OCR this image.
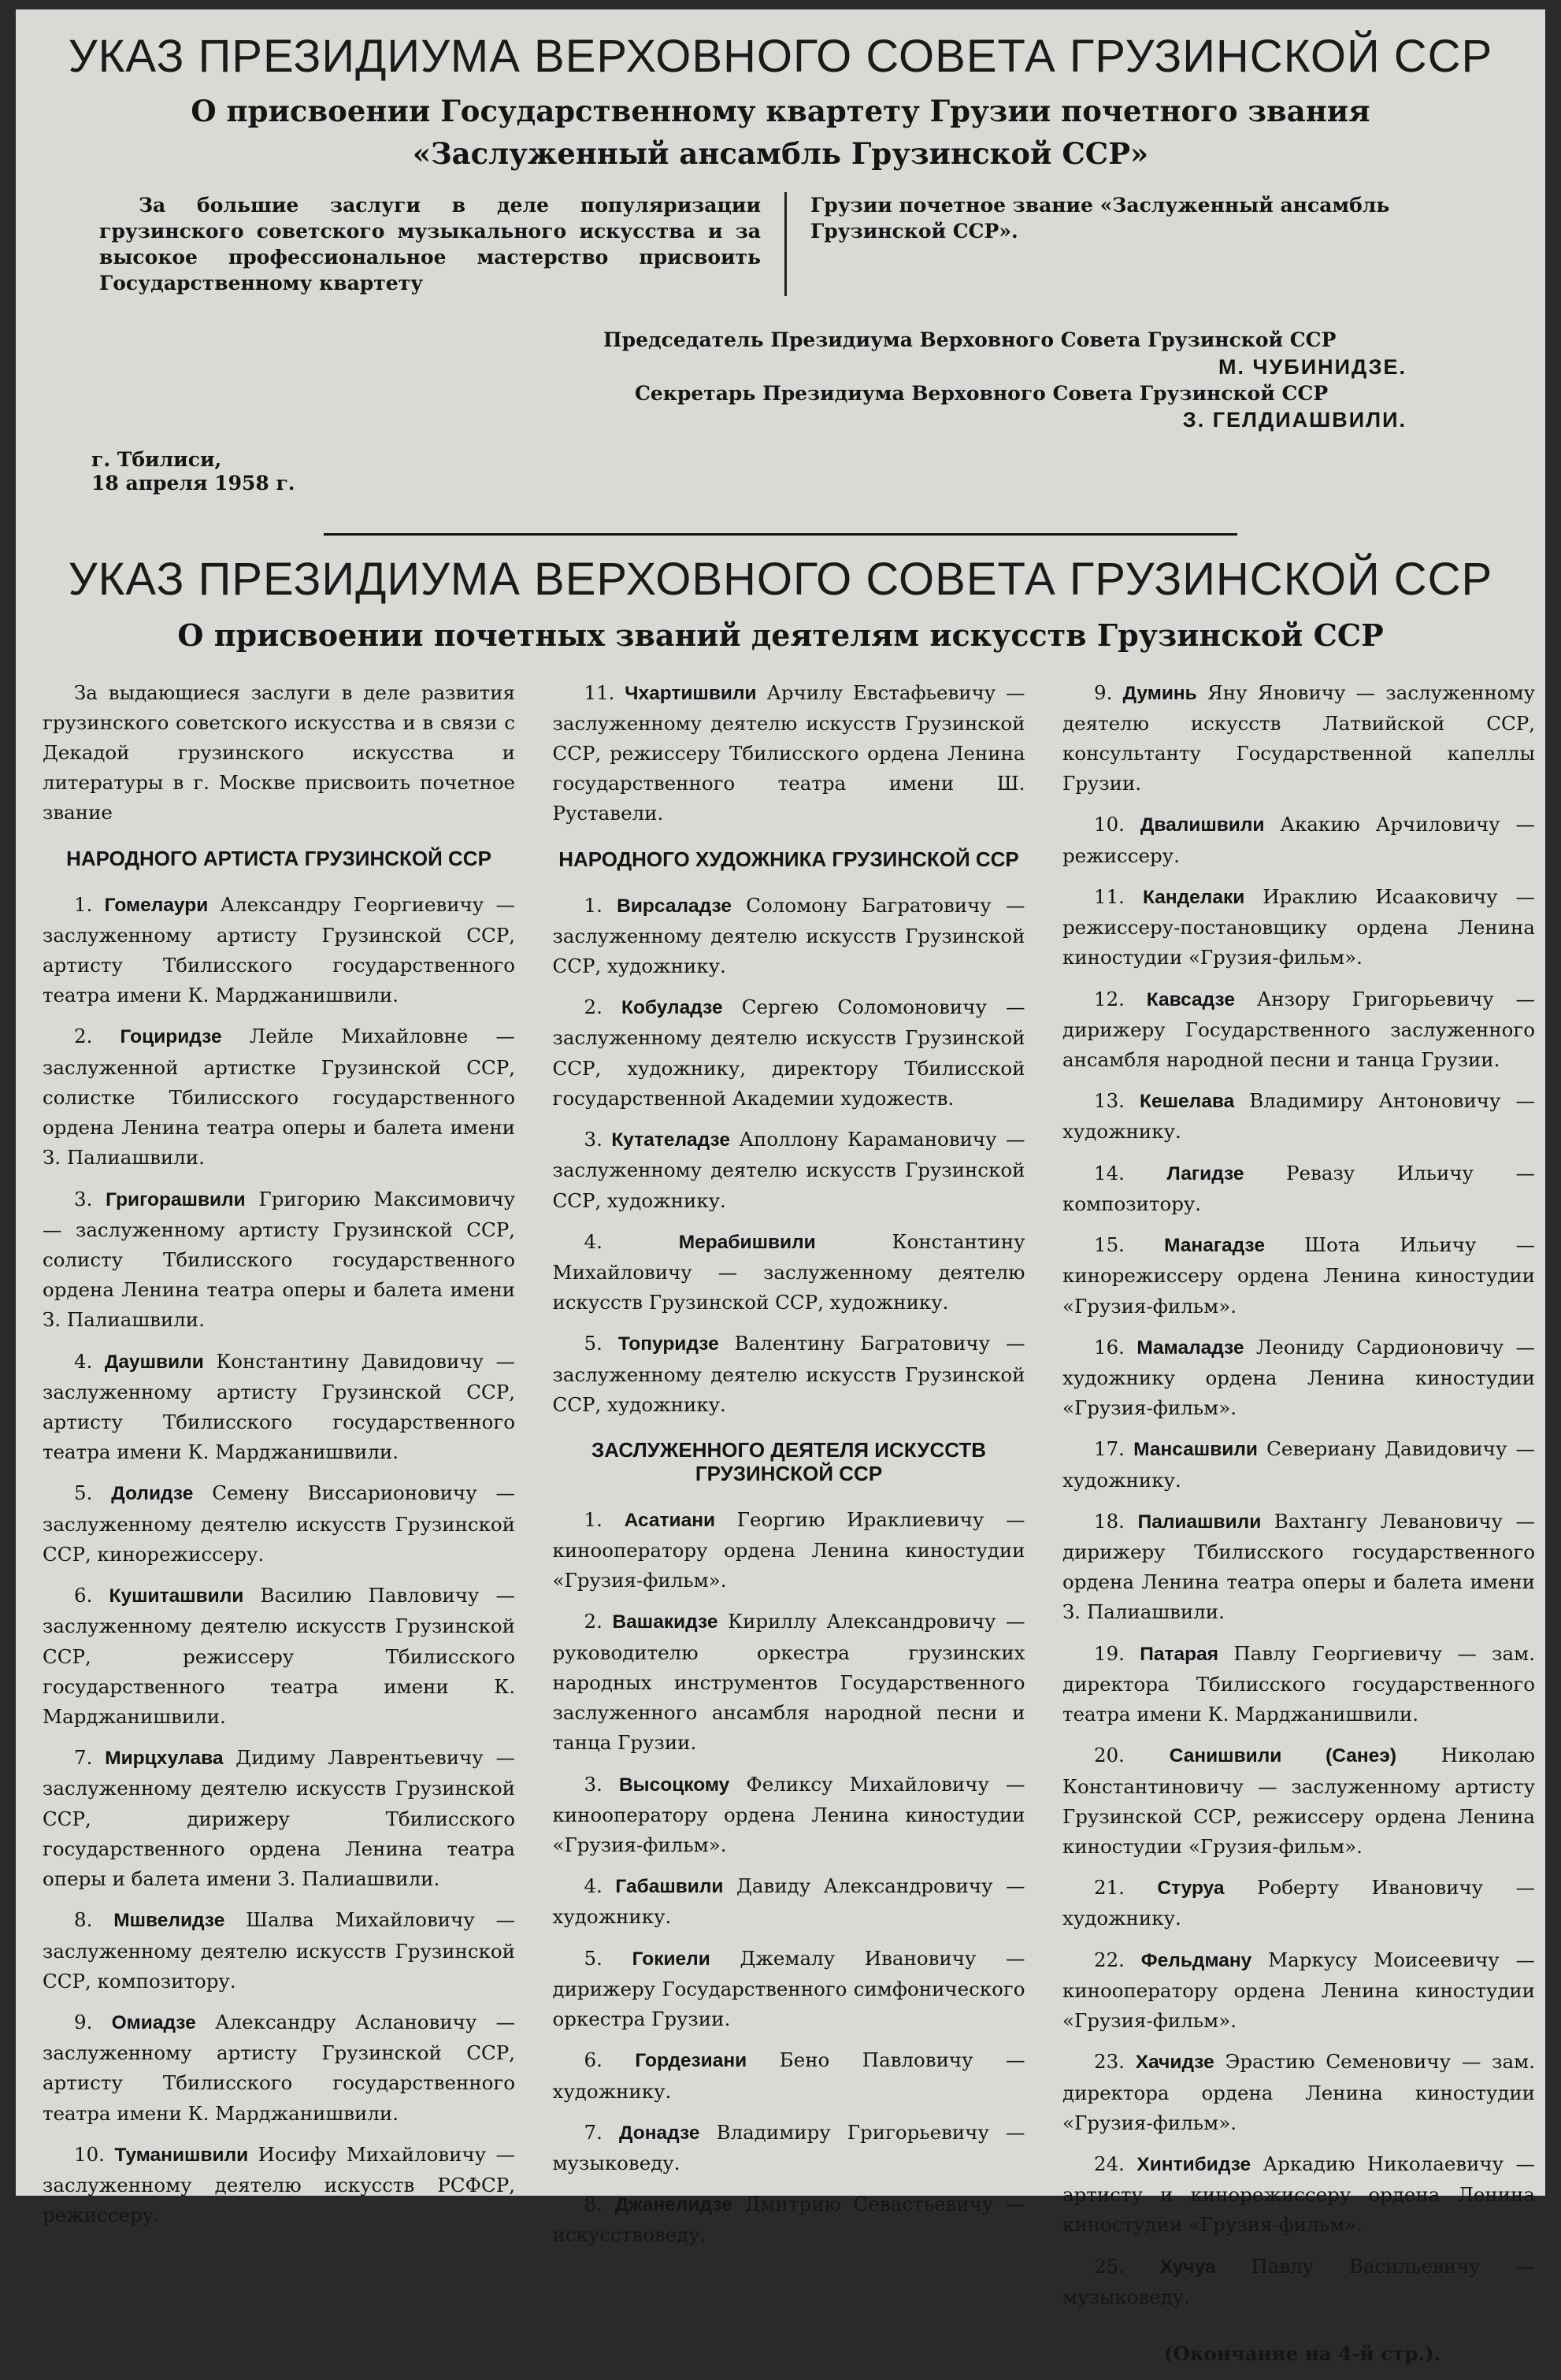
УКАЗ ПРЕЗИДИУМА ВЕРХОВНОГО СОВЕТА ГРУЗИНСКОЙ ССР

О присвоении Государственному квартету Грузии почетного звания

«Заслуженный ансамбль Грузинской ССР»

За большие заслуги в деле популяризации грузинского советского музыкального искусства и за высокое профессиональное мастерство присвоить Государственному квартету
Грузии почетное звание «Заслуженный ансамбль Грузинской ССР».
Председатель Президиума Верховного Совета Грузинской ССР
М. ЧУБИНИДЗЕ.
Секретарь Президиума Верховного Совета Грузинской ССР
З. ГЕЛДИАШВИЛИ.
г. Тбилиси,
18 апреля 1958 г.
УКАЗ ПРЕЗИДИУМА ВЕРХОВНОГО СОВЕТА ГРУЗИНСКОЙ ССР

О присвоении почетных званий деятелям искусств Грузинской ССР

За выдающиеся заслуги в деле развития грузинского советского искусства и в связи с Декадой грузинского искусства и литературы в г. Москве присвоить почетное звание

НАРОДНОГО АРТИСТА ГРУЗИНСКОЙ ССР

1. Гомелаури Александру Георгиевичу — заслуженному артисту Грузинской ССР, артисту Тбилисского государственного театра имени К. Марджанишвили.

2. Гоциридзе Лейле Михайловне — заслуженной артистке Грузинской ССР, солистке Тбилисского государственного ордена Ленина театра оперы и балета имени З. Палиашвили.

3. Григорашвили Григорию Максимовичу — заслуженному артисту Грузинской ССР, солисту Тбилисского государственного ордена Ленина театра оперы и балета имени З. Палиашвили.

4. Даушвили Константину Давидовичу — заслуженному артисту Грузинской ССР, артисту Тбилисского государственного театра имени К. Марджанишвили.

5. Долидзе Семену Виссарионовичу — заслуженному деятелю искусств Грузинской ССР, кинорежиссеру.

6. Кушиташвили Василию Павловичу — заслуженному деятелю искусств Грузинской ССР, режиссеру Тбилисского государственного театра имени К. Марджанишвили.

7. Мирцхулава Дидиму Лаврентьевичу — заслуженному деятелю искусств Грузинской ССР, дирижеру Тбилисского государственного ордена Ленина театра оперы и балета имени З. Палиашвили.

8. Мшвелидзе Шалва Михайловичу — заслуженному деятелю искусств Грузинской ССР, композитору.

9. Омиадзе Александру Аслановичу — заслуженному артисту Грузинской ССР, артисту Тбилисского государственного театра имени К. Марджанишвили.

10. Туманишвили Иосифу Михайловичу — заслуженному деятелю искусств РСФСР, режиссеру.

11. Чхартишвили Арчилу Евстафьевичу — заслуженному деятелю искусств Грузинской ССР, режиссеру Тбилисского ордена Ленина государственного театра имени Ш. Руставели.

НАРОДНОГО ХУДОЖНИКА ГРУЗИНСКОЙ ССР

1. Вирсаладзе Соломону Багратовичу — заслуженному деятелю искусств Грузинской ССР, художнику.

2. Кобуладзе Сергею Соломоновичу — заслуженному деятелю искусств Грузинской ССР, художнику, директору Тбилисской государственной Академии художеств.

3. Кутателадзе Аполлону Карамановичу — заслуженному деятелю искусств Грузинской ССР, художнику.

4. Мерабишвили Константину Михайловичу — заслуженному деятелю искусств Грузинской ССР, художнику.

5. Топуридзе Валентину Багратовичу — заслуженному деятелю искусств Грузинской ССР, художнику.

ЗАСЛУЖЕННОГО ДЕЯТЕЛЯ ИСКУССТВ ГРУЗИНСКОЙ ССР

1. Асатиани Георгию Ираклиевичу — кинооператору ордена Ленина киностудии «Грузия-фильм».

2. Вашакидзе Кириллу Александровичу — руководителю оркестра грузинских народных инструментов Государственного заслуженного ансамбля народной песни и танца Грузии.

3. Высоцкому Феликсу Михайловичу — кинооператору ордена Ленина киностудии «Грузия-фильм».

4. Габашвили Давиду Александровичу — художнику.

5. Гокиели Джемалу Ивановичу — дирижеру Государственного симфонического оркестра Грузии.

6. Гордезиани Бено Павловичу — художнику.

7. Донадзе Владимиру Григорьевичу — музыковеду.

8. Джанелидзе Дмитрию Севастьевичу — искусствоведу.

9. Думинь Яну Яновичу — заслуженному деятелю искусств Латвийской ССР, консультанту Государственной капеллы Грузии.

10. Двалишвили Акакию Арчиловичу — режиссеру.

11. Канделаки Ираклию Исааковичу — режиссеру-постановщику ордена Ленина киностудии «Грузия-фильм».

12. Кавсадзе Анзору Григорьевичу — дирижеру Государственного заслуженного ансамбля народной песни и танца Грузии.

13. Кешелава Владимиру Антоновичу — художнику.

14. Лагидзе Ревазу Ильичу — композитору.

15. Манагадзе Шота Ильичу — кинорежиссеру ордена Ленина киностудии «Грузия-фильм».

16. Мамаладзе Леониду Сардионовичу — художнику ордена Ленина киностудии «Грузия-фильм».

17. Мансашвили Севериану Давидовичу — художнику.

18. Палиашвили Вахтангу Левановичу — дирижеру Тбилисского государственного ордена Ленина театра оперы и балета имени З. Палиашвили.

19. Патарая Павлу Георгиевичу — зам. директора Тбилисского государственного театра имени К. Марджанишвили.

20. Санишвили (Санеэ) Николаю Константиновичу — заслуженному артисту Грузинской ССР, режиссеру ордена Ленина киностудии «Грузия-фильм».

21. Стуруа Роберту Ивановичу — художнику.

22. Фельдману Маркусу Моисеевичу — кинооператору ордена Ленина киностудии «Грузия-фильм».

23. Хачидзе Эрастию Семеновичу — зам. директора ордена Ленина киностудии «Грузия-фильм».

24. Хинтибидзе Аркадию Николаевичу — артисту и кинорежиссеру ордена Ленина киностудии «Грузия-фильм».

25. Хучуа Павлу Васильевичу — музыковеду.

(Окончание на 4-й стр.).
